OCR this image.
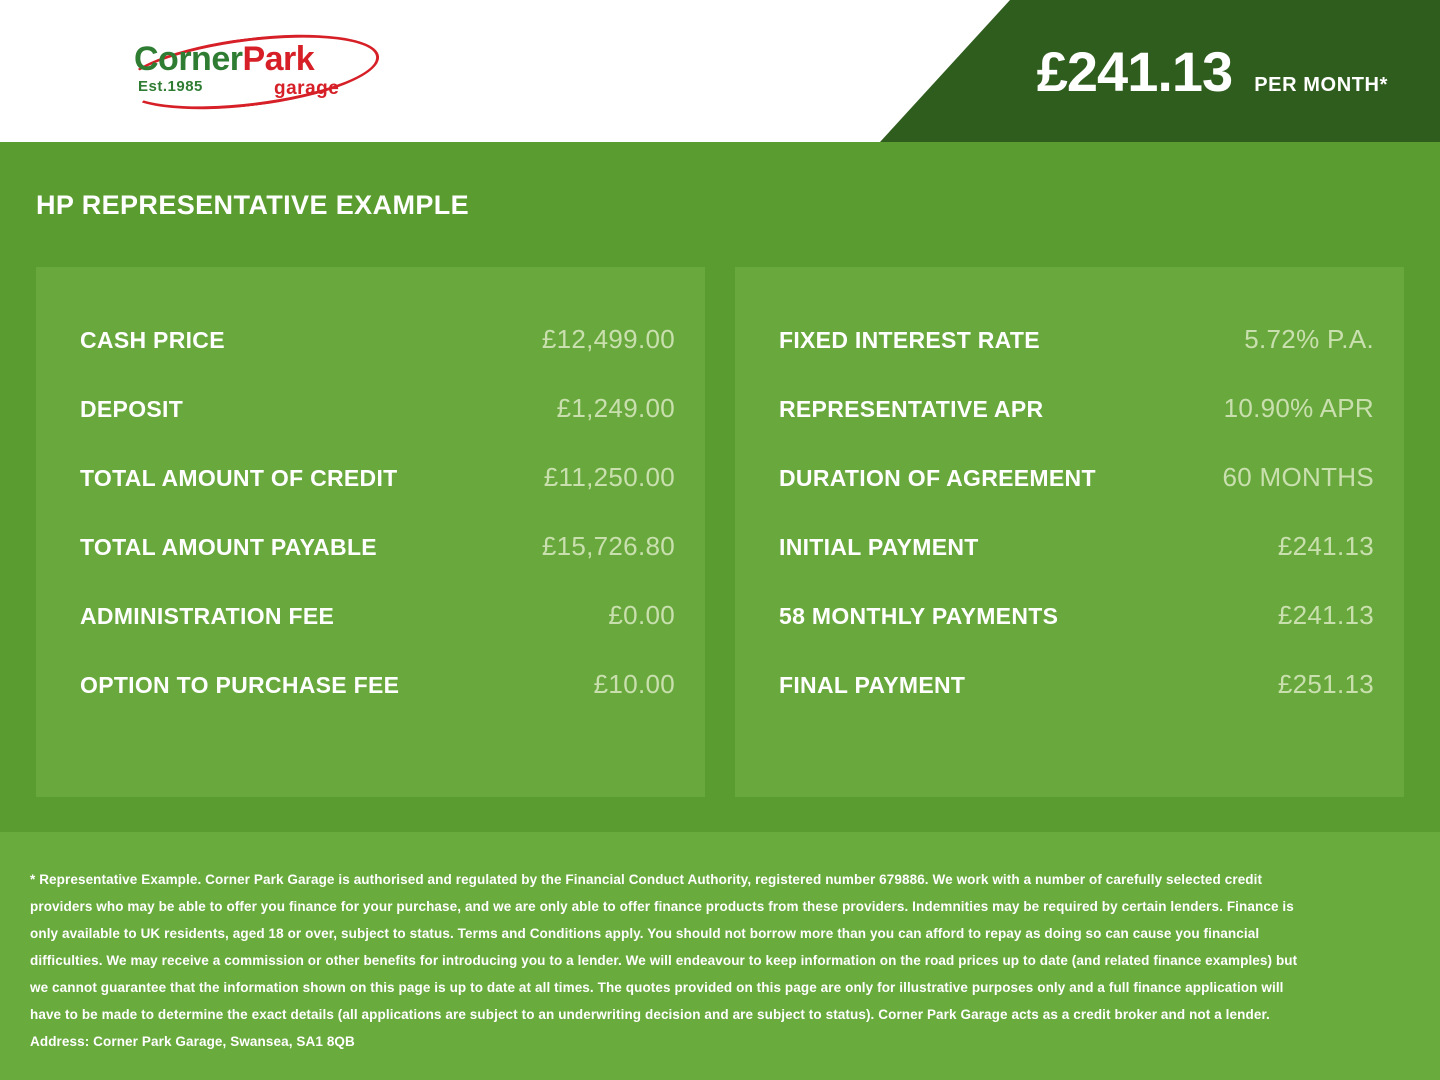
CornerPark
Est.1985	garage	£241.13 PER MONTH*
HP REPRESENTATIVE EXAMPLE
CASH PRICE	£12,499.00
DEPOSIT	£1,249.00
TOTAL AMOUNT OF CREDIT	£11,250.00
TOTAL AMOUNT PAYABLE	£15,726.80
ADMINISTRATION FEE	£0.00
OPTION TO PURCHASE FEE	£10.00
FIXED INTEREST RATE	5.72% P.A.
REPRESENTATIVE APR	10.90% APR
DURATION OF AGREEMENT	60 MONTHS
INITIAL PAYMENT	£241.13
58 MONTHLY PAYMENTS	£241.13
FINAL PAYMENT	£251.13

* Representative Example. Corner Park Garage is authorised and regulated by the Financial Conduct Authority, registered number 679886. We work with a number of carefully selected credit providers who may be able to offer you finance for your purchase, and we are only able to offer finance products from these providers. Indemnities may be required by certain lenders. Finance is only available to UK residents, aged 18 or over, subject to status. Terms and Conditions apply. You should not borrow more than you can afford to repay as doing so can cause you financial difficulties. We may receive a commission or other benefits for introducing you to a lender. We will endeavour to keep information on the road prices up to date (and related finance examples) but we cannot guarantee that the information shown on this page is up to date at all times. The quotes provided on this page are only for illustrative purposes only and a full finance application will have to be made to determine the exact details (all applications are subject to an underwriting decision and are subject to status). Corner Park Garage acts as a credit broker and not a lender. Address: Corner Park Garage, Swansea, SA1 8QB
